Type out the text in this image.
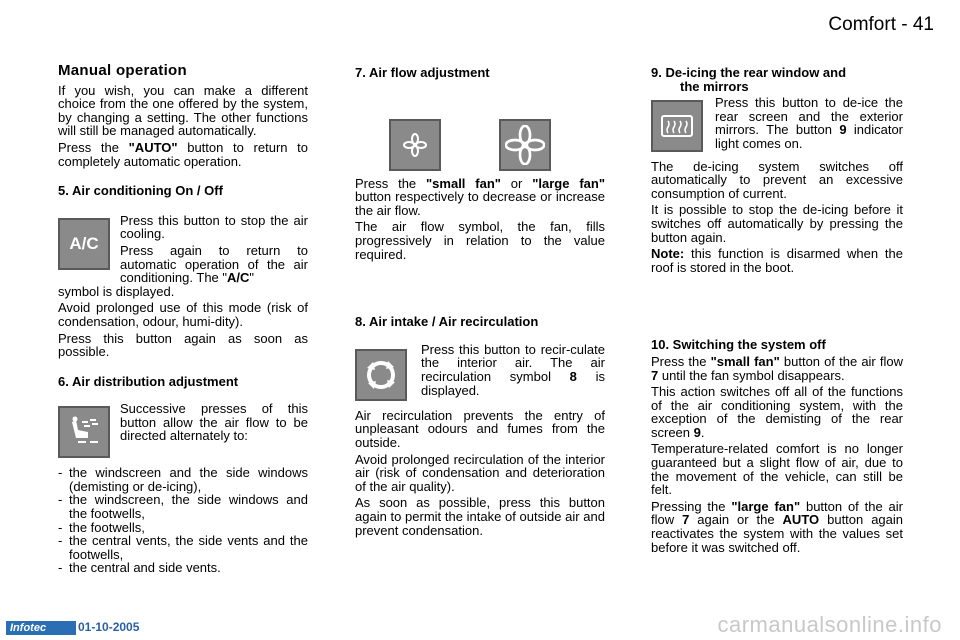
Comfort - 41
Manual operation

If you wish, you can make a different choice from the one offered by the system, by changing a setting. The other functions will still be managed automatically.

Press the "AUTO" button to return to completely automatic operation.

5. Air conditioning On / Off

A/C

Press this button to stop the air cooling.

Press again to return to automatic operation of the air conditioning. The "A/C"

symbol is displayed.

Avoid prolonged use of this mode (risk of condensation, odour, humi-dity).

Press this button again as soon as possible.

6. Air distribution adjustment

Successive presses of this button allow the air flow to be directed alternately to:

- the windscreen and the side windows (demisting or de-icing),
- the windscreen, the side windows and the footwells,
- the footwells,
- the central vents, the side vents and the footwells,
- the central and side vents.

7. Air flow adjustment

Press the "small fan" or "large fan" button respectively to decrease or increase the air flow.

The air flow symbol, the fan, fills progressively in relation to the value required.

8. Air intake / Air recirculation

Press this button to recir-culate the interior air. The air recirculation symbol 8 is displayed.

Air recirculation prevents the entry of unpleasant odours and fumes from the outside.

Avoid prolonged recirculation of the interior air (risk of condensation and deterioration of the air quality).

As soon as possible, press this button again to permit the intake of outside air and prevent condensation.

9. De-icing the rear window and

the mirrors

Press this button to de-ice the rear screen and the exterior mirrors. The button 9 indicator light comes on.

The de-icing system switches off automatically to prevent an excessive consumption of current.

It is possible to stop the de-icing before it switches off automatically by pressing the button again.

Note: this function is disarmed when the roof is stored in the boot.

10. Switching the system off

Press the "small fan" button of the air flow 7 until the fan symbol disappears.

This action switches off all of the functions of the air conditioning system, with the exception of the demisting of the rear screen 9.

Temperature-related comfort is no longer guaranteed but a slight flow of air, due to the movement of the vehicle, can still be felt.

Pressing the "large fan" button of the air flow 7 again or the AUTO button again reactivates the system with the values set before it was switched off.

Infotec	01-10-2005	carmanualsonline.info
